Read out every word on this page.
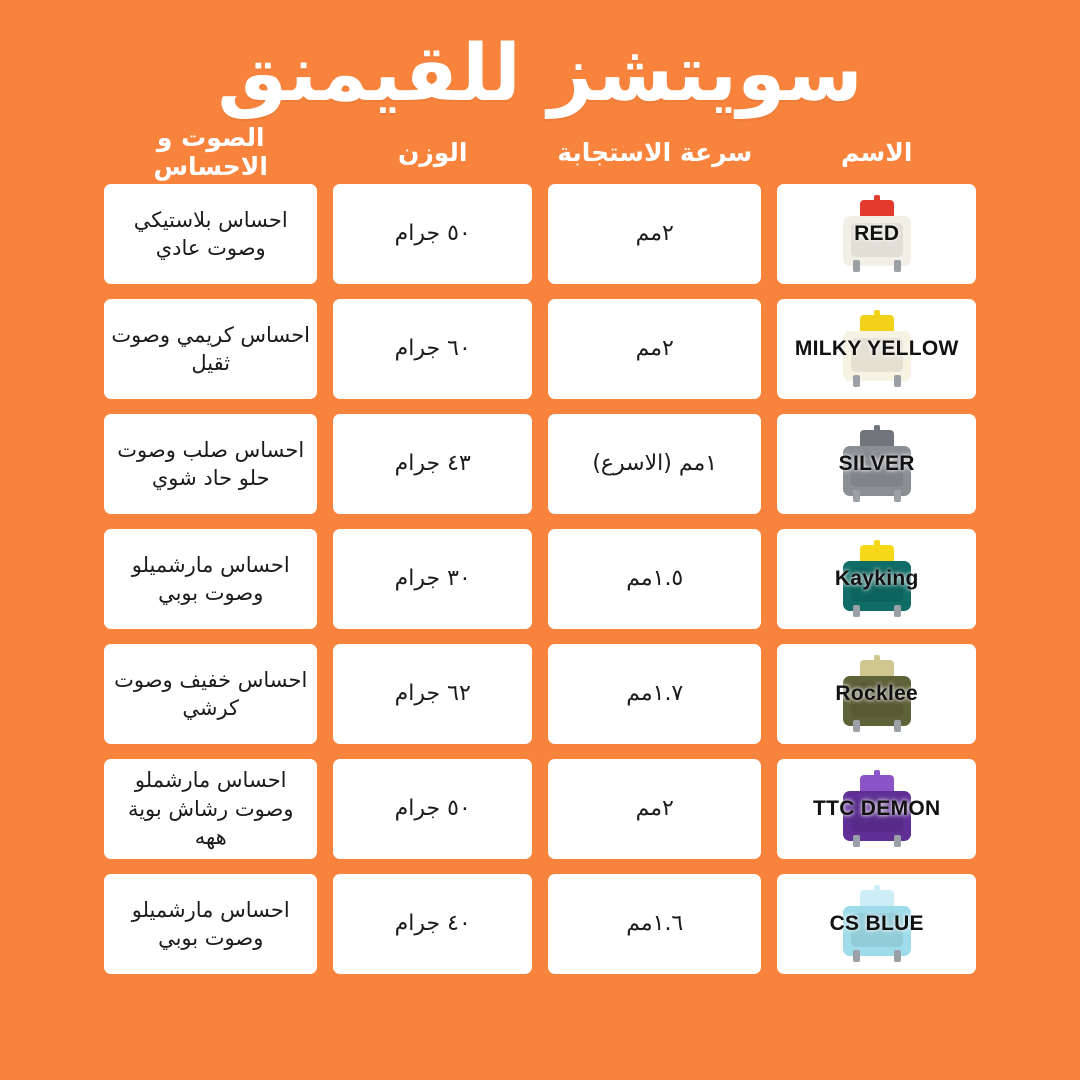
سويتشز للقيمنق
الاسم
سرعة الاستجابة
الوزن
الصوت و الاحساس
RED
٢مم
٥٠ جرام
احساس بلاستيكي وصوت عادي
MILKY YELLOW
٢مم
٦٠ جرام
احساس كريمي وصوت ثقيل
SILVER
١مم (الاسرع)
٤٣ جرام
احساس صلب وصوت حلو حاد شوي
Kayking
١.٥مم
٣٠ جرام
احساس مارشميلو وصوت بوبي
Rocklee
١.٧مم
٦٢ جرام
احساس خفيف وصوت كرشي
TTC DEMON
٢مم
٥٠ جرام
احساس مارشملو وصوت رشاش بوية ههه
CS BLUE
١.٦مم
٤٠ جرام
احساس مارشميلو وصوت بوبي
